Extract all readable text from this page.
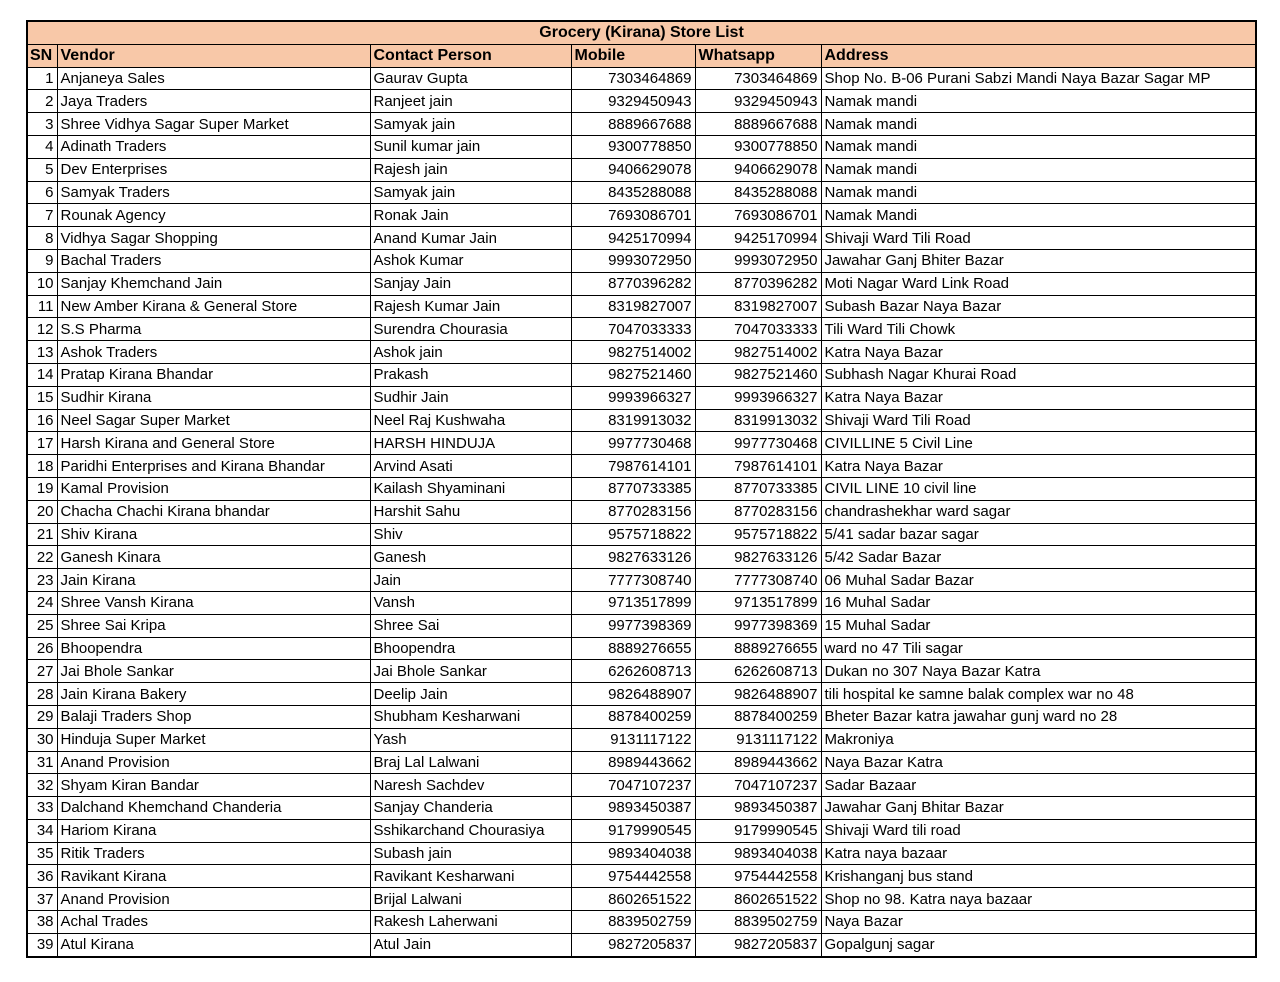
Grocery (Kirana) Store List					
SN	Vendor	Contact Person	Mobile	Whatsapp	Address
1	Anjaneya Sales	Gaurav Gupta	7303464869	7303464869	Shop No. B-06 Purani Sabzi Mandi Naya Bazar Sagar MP
2	Jaya Traders	Ranjeet jain	9329450943	9329450943	Namak mandi
3	Shree Vidhya Sagar Super Market	Samyak jain	8889667688	8889667688	Namak mandi
4	Adinath Traders	Sunil kumar jain	9300778850	9300778850	Namak mandi
5	Dev Enterprises	Rajesh jain	9406629078	9406629078	Namak mandi
6	Samyak Traders	Samyak jain	8435288088	8435288088	Namak mandi
7	Rounak Agency	Ronak Jain	7693086701	7693086701	Namak Mandi
8	Vidhya Sagar Shopping	Anand Kumar Jain	9425170994	9425170994	Shivaji Ward Tili Road
9	Bachal Traders	Ashok Kumar	9993072950	9993072950	Jawahar Ganj Bhiter Bazar
10	Sanjay Khemchand Jain	Sanjay Jain	8770396282	8770396282	Moti Nagar Ward Link Road
11	New Amber Kirana & General Store	Rajesh Kumar Jain	8319827007	8319827007	Subash Bazar Naya Bazar
12	S.S Pharma	Surendra Chourasia	7047033333	7047033333	Tili Ward Tili Chowk
13	Ashok Traders	Ashok jain	9827514002	9827514002	Katra Naya Bazar
14	Pratap Kirana Bhandar	Prakash	9827521460	9827521460	Subhash Nagar Khurai Road
15	Sudhir Kirana	Sudhir Jain	9993966327	9993966327	Katra Naya Bazar
16	Neel Sagar Super Market	Neel Raj Kushwaha	8319913032	8319913032	Shivaji Ward Tili Road
17	Harsh Kirana and General Store	HARSH HINDUJA	9977730468	9977730468	CIVILLINE 5 Civil Line
18	Paridhi Enterprises and Kirana Bhandar	Arvind Asati	7987614101	7987614101	Katra Naya Bazar
19	Kamal Provision	Kailash Shyaminani	8770733385	8770733385	CIVIL LINE 10 civil line
20	Chacha Chachi Kirana bhandar	Harshit Sahu	8770283156	8770283156	chandrashekhar ward sagar
21	Shiv Kirana	Shiv	9575718822	9575718822	5/41 sadar bazar sagar
22	Ganesh Kinara	Ganesh	9827633126	9827633126	5/42 Sadar Bazar
23	Jain Kirana	Jain	7777308740	7777308740	06 Muhal Sadar Bazar
24	Shree Vansh Kirana	Vansh	9713517899	9713517899	16 Muhal Sadar
25	Shree Sai Kripa	Shree Sai	9977398369	9977398369	15 Muhal Sadar
26	Bhoopendra	Bhoopendra	8889276655	8889276655	ward no 47 Tili sagar
27	Jai Bhole Sankar	Jai Bhole Sankar	6262608713	6262608713	Dukan no 307 Naya Bazar Katra
28	Jain Kirana Bakery	Deelip Jain	9826488907	9826488907	tili hospital ke samne balak complex war no 48
29	Balaji Traders Shop	Shubham Kesharwani	8878400259	8878400259	Bheter Bazar katra jawahar gunj ward no 28
30	Hinduja Super Market	Yash	9131117122	9131117122	Makroniya
31	Anand Provision	Braj Lal Lalwani	8989443662	8989443662	Naya Bazar Katra
32	Shyam Kiran Bandar	Naresh Sachdev	7047107237	7047107237	Sadar Bazaar
33	Dalchand Khemchand Chanderia	Sanjay Chanderia	9893450387	9893450387	Jawahar Ganj Bhitar Bazar
34	Hariom Kirana	Sshikarchand Chourasiya	9179990545	9179990545	Shivaji Ward tili road
35	Ritik Traders	Subash jain	9893404038	9893404038	Katra naya bazaar
36	Ravikant Kirana	Ravikant Kesharwani	9754442558	9754442558	Krishanganj bus stand
37	Anand Provision	Brijal Lalwani	8602651522	8602651522	Shop no 98. Katra naya bazaar
38	Achal Trades	Rakesh Laherwani	8839502759	8839502759	Naya Bazar
39	Atul Kirana	Atul Jain	9827205837	9827205837	Gopalgunj sagar
